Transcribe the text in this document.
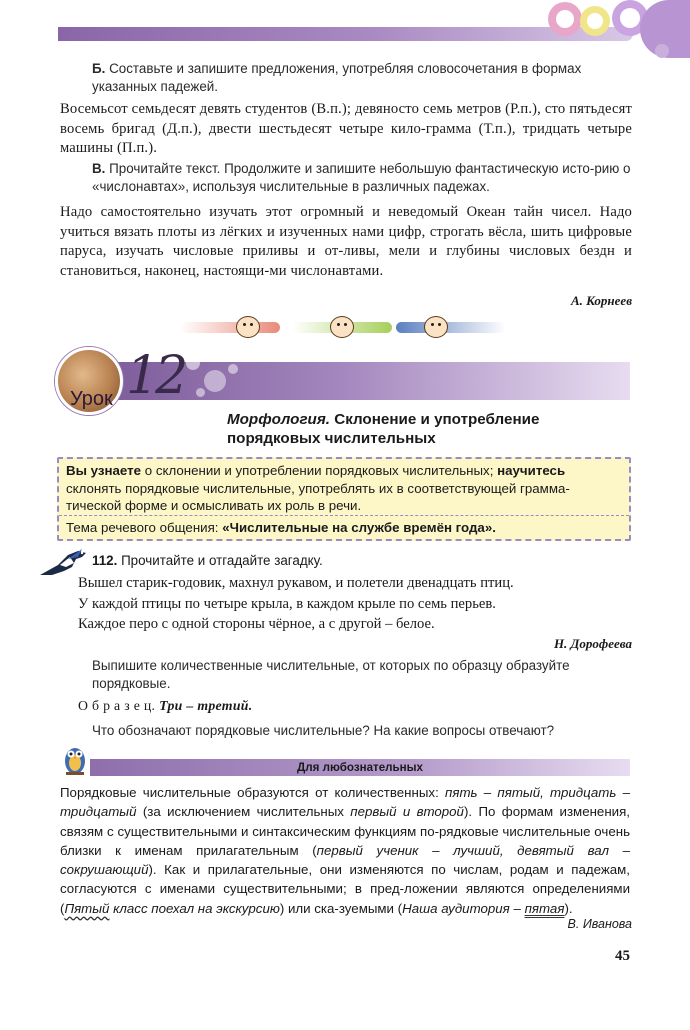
Б. Составьте и запишите предложения, употребляя словосочетания в формах указанных падежей.
Восемьсот семьдесят девять студентов (В.п.); девяносто семь метров (Р.п.), сто пятьдесят восемь бригад (Д.п.), двести шестьдесят четыре кило-грамма (Т.п.), тридцать четыре машины (П.п.).
В. Прочитайте текст. Продолжите и запишите небольшую фантастическую исто-рию о «числонавтах», используя числительные в различных падежах.
Надо самостоятельно изучать этот огромный и неведомый Океан тайн чисел. Надо учиться вязать плоты из лёгких и изученных нами цифр, строгать вёсла, шить цифровые паруса, изучать числовые приливы и от-ливы, мели и глубины числовых бездн и становиться, наконец, настоящи-ми числонавтами.
А. Корнеев
Урок 12
Морфология. Склонение и употребление порядковых числительных
Вы узнаете о склонении и употреблении порядковых числительных; научитесь склонять порядковые числительные, употреблять их в соответствующей грамма-тической форме и осмысливать их роль в речи.
Тема речевого общения: «Числительные на службе времён года».
112. Прочитайте и отгадайте загадку.
Вышел старик-годовик, махнул рукавом, и полетели двенадцать птиц.
У каждой птицы по четыре крыла, в каждом крыле по семь перьев.
Каждое перо с одной стороны чёрное, а с другой – белое.
Н. Дорофеева
Выпишите количественные числительные, от которых по образцу образуйте порядковые.
О б р а з е ц. Три – третий.
Что обозначают порядковые числительные? На какие вопросы отвечают?
Для любознательных
Порядковые числительные образуются от количественных: пять – пятый, тридцать – тридцатый (за исключением числительных первый и второй). По формам изменения, связям с существительными и синтаксическим функциям по-рядковые числительные очень близки к именам прилагательным (первый ученик – лучший, девятый вал – сокрушающий). Как и прилагательные, они изменяются по числам, родам и падежам, согласуются с именами существительными; в пред-ложении являются определениями (Пятый класс поехал на экскурсию) или ска-зуемыми (Наша аудитория – пятая).
В. Иванова
45
